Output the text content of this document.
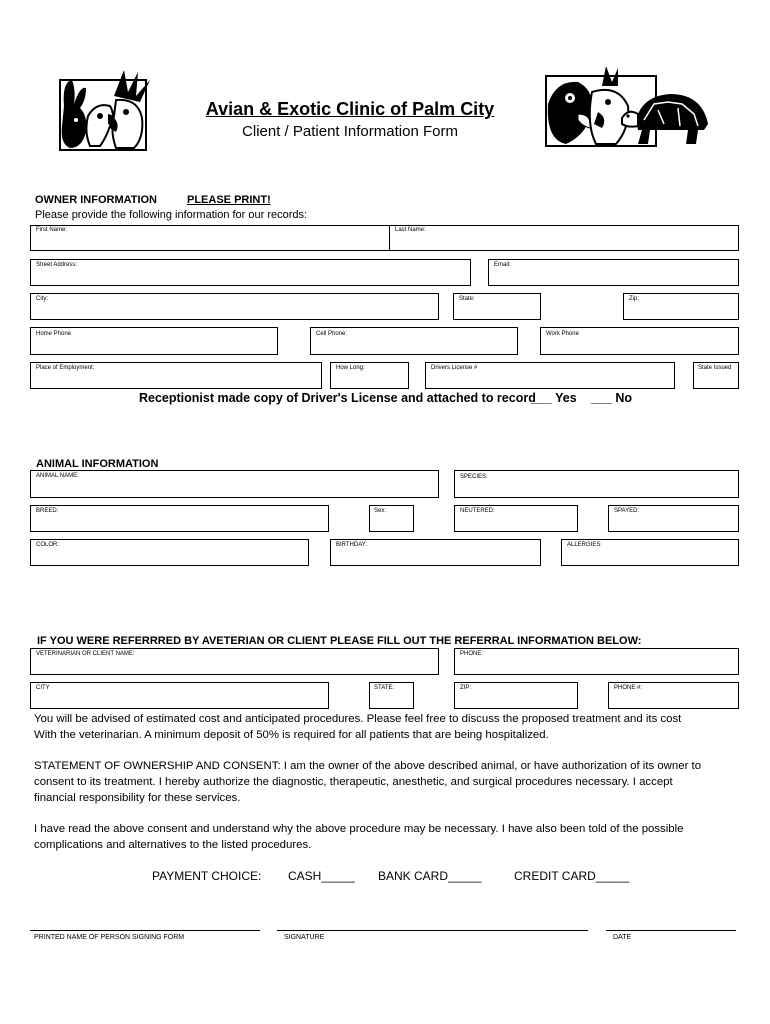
Avian & Exotic Clinic of Palm City
Client / Patient Information Form
OWNER INFORMATION	PLEASE PRINT!
Please provide the following information for our records:
First Name:	Last Name:
Street Address:	Email:
City:	State:	Zip:
Home Phone	Cell Phone:	Work Phone
Place of Employment:	How Long:	Drivers License #	State Issued
Receptionist made copy of Driver's License and attached to record
___ Yes ___ No
ANIMAL INFORMATION
ANIMAL NAME:	SPECIES:
BREED:	Sex:	NEUTERED:	SPAYED:
COLOR:	BIRTHDAY:	ALLERGIES:
IF YOU WERE REFERRRED BY AVETERIAN OR CLIENT PLEASE FILL OUT THE REFERRAL INFORMATION BELOW:
VETERINARIAN OR CLIENT NAME:	PHONE:
CITY	STATE:	ZIP:	PHONE #:
You will be advised of estimated cost and anticipated procedures. Please feel free to discuss the proposed treatment and its cost
With the veterinarian. A minimum deposit of 50% is required for all patients that are being hospitalized.
STATEMENT OF OWNERSHIP AND CONSENT: I am the owner of the above described animal, or have authorization of its owner to
consent to its treatment. I hereby authorize the diagnostic, therapeutic, anesthetic, and surgical procedures necessary. I accept
financial responsibility for these services.
I have read the above consent and understand why the above procedure may be necessary. I have also been told of the possible
complications and alternatives to the listed procedures.
PAYMENT CHOICE: CASH_____ BANK CARD_____	CREDIT CARD_____
PRINTED NAME OF PERSON SIGNING FORM	SIGNATURE	DATE
